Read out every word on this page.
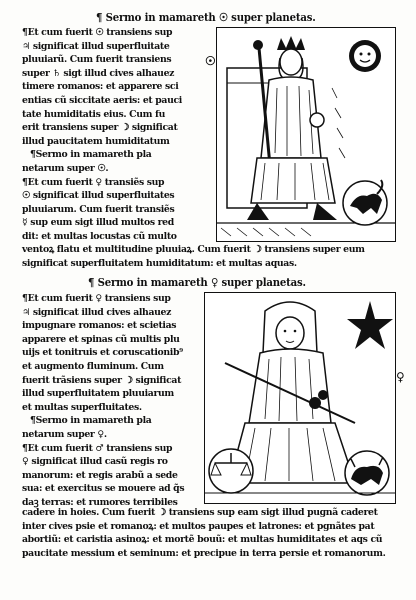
¶ Sermo in mamareth ☉ super planetas.
¶Et cum fuerit ☉ transiens sup
♃ significat illud superfluitate
pluuiarũ. Cum fuerit transiens
super ♄ sigt illud cives alhauez
timere romanos: et apparere sci
entias cũ siccitate aeris: et pauci
tate humiditatis eius. Cum fu
erit transiens super ☽ significat
illud paucitatem humiditatum
¶Sermo in mamareth pla
netarum super ☉.
¶Et cum fuerit ♀ transiẽs sup
☉ significat illud superfluitates
pluuiarum. Cum fuerit transiẽs
☿ sup eum sigt illud multos red
dit: et multas locustas cũ multo
ventoꝝ flatu et multitudine pluuiaꝝ. Cum fuerit ☽ transiens super eum
significat superfluitatem humiditatum: et multas aquas.
☉
¶ Sermo in mamareth ♀ super planetas.
¶Et cum fuerit ♀ transiens sup
♃ significat illud cives alhauez
impugnare romanos: et scietias
apparere et spinas cũ multis plu
uijs et tonitruis et coruscationib⁹
et augmento fluminum. Cum
fuerit trãsiens super ☽ significat
illud superfluitatem pluuiarum
et multas superfluitates.
¶Sermo in mamareth pla
netarum super ♀.
¶Et cum fuerit ♂ transiens sup
♀ significat illud casũ regis ro
manorum: et regis arabũ a sede
sua: et exercitus se mouere ad q̃s
daꝫ terras: et rumores terribiles
cadere in hoies. Cum fuerit ☽ transiens sup eam sigt illud pugnã caderet
inter cives psie et romanoꝝ: et multos paupes et latrones: et pgnãtes pat
abortiũ: et caristia asinoꝝ: et mortẽ bouũ: et multas humiditates et aqs cũ
paucitate messium et seminum: et precipue in terra persie et romanorum.
♀
